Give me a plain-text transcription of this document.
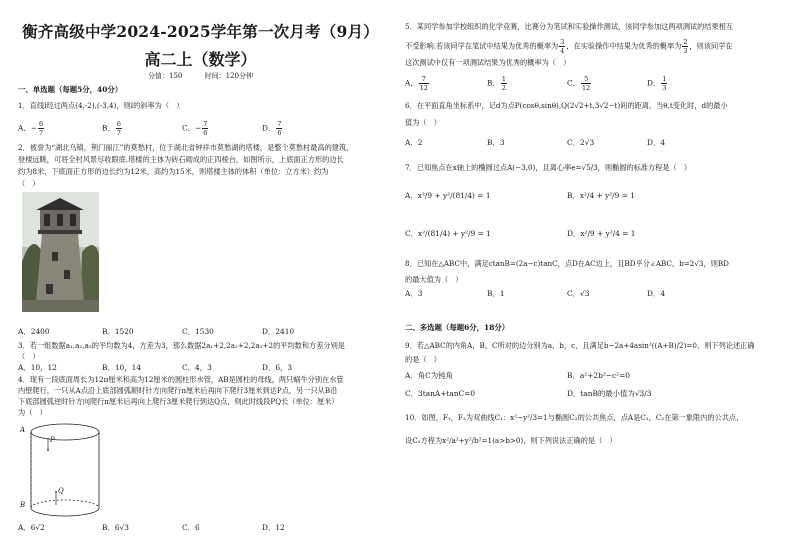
衡齐高级中学2024-2025学年第一次月考（9月）
高二上（数学）
分值：150	时间：120分钟
一、单选题（每题5分，40分）
1．直线l经过两点(4,-2),(-3,4)，则l的斜率为（　）
A．− $\frac{6}{7}$	B． $\frac{6}{7}$	C．− $\frac{7}{6}$	D． $\frac{7}{6}$
2．被誉为“湖北乌镇，荆门丽江”的莫愁村，位于湖北省钟祥市莫愁湖的塔楼，是整个莫愁村最高的建筑，
登楼远眺，可将全村风景尽收眼底.塔楼的主体为砖石砌成的正四棱台，如图所示，上底面正方形的边长
约为8米，下底面正方形的边长约为12米，高约为15米，则塔楼主体的体积（单位：立方米）约为
（　）
A．2400	B．1520	C．1530	D．2410
3．若一组数据a₁,a₂,a₃的平均数为4，方差为3，那么数据2a₁+2,2a₂+2,2a₃+2的平均数和方差分别是
（　）
A．10，12	B．10，14	C．4，3	D．6，3
4．现有一段底面周长为12π厘米和高为12厘米的圆柱形水管，AB是圆柱的母线，两只蜗牛分别在水管
内壁爬行，一只从A点沿上底部圆弧顺时针方向爬行π厘米后再向下爬行3厘米到达P点，另一只从B沿
下底部圆弧逆时针方向爬行π厘米后再向上爬行3厘米爬行到达Q点，则此时线段PQ长（单位：厘米）
为（　）
A
B
P
Q
A．6√2	B．6√3	C．6	D．12
5．某同学参加学校组织的化学竞赛，比赛分为笔试和实验操作测试，该同学参加这两项测试的结果相互
不受影响.若该同学在笔试中结果为优秀的概率为 $\frac{3}{4}$ ，在实验操作中结果为优秀的概率为 $\frac{2}{3}$ ，则该同学在
这次测试中仅有一项测试结果为优秀的概率为（　）
A． $\frac{7}{12}$	B． $\frac{1}{2}$	C． $\frac{5}{12}$	D． $\frac{1}{3}$
6．在平面直角坐标系中，记d为点P(cosθ,sinθ),Q(2√2+t,3√2−t)间的距离，当θ,t变化时，d的最小
值为（　）
A．2	B．3	C．2√3	D．4
7．已知焦点在x轴上的椭圆过点A(−3,0)，且离心率e=√5/3，则椭圆的标准方程是（　）
A．x²/9 + y²/(81/4) = 1	B．x²/4 + y²/9 = 1
C．x²/(81/4) + y²/9 = 1	D．x²/9 + y²/4 = 1
8．已知在△ABC中，满足ctanB=(2a−c)tanC，点D在AC边上，且BD平分∠ABC，b=2√3，则BD
的最大值为（　）
A．3	B．1	C．√3	D．4
二、多选题（每题6分，18分）
9．若△ABC的内角A，B，C所对的边分别为a，b，c，且满足b−2a+4asin²((A+B)/2)=0，则下列论述正确
的是（　）
A．角C为钝角	B．a²+2b²−c²=0
C．3tanA+tanC=0	D．tanB的最小值为√3/3
10．如图，F₁，F₂为双曲线C₁：x²−y²/3=1与椭圆C₂的公共焦点，点A是C₁，C₂在第一象限内的公共点，
设C₂方程为x²/a²+y²/b²=1(a>b>0)，则下列说法正确的是（　）
